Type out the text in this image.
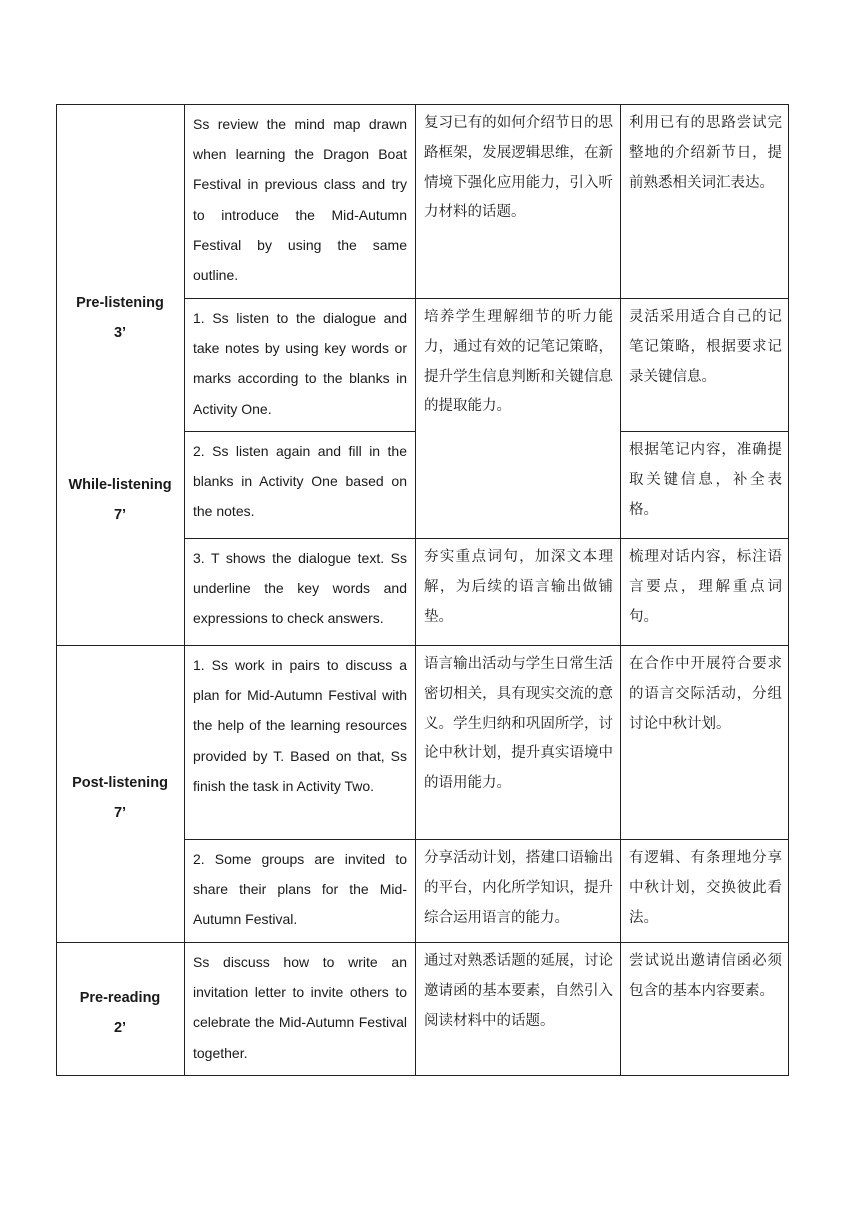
Pre-listening
3’
While-listening
7’
Post-listening
7’
Pre-reading
2’
Ss review the mind map drawn when learning the Dragon Boat Festival in previous class and try to introduce the Mid-Autumn Festival by using the same outline.
复习已有的如何介绍节日的思路框架，发展逻辑思维，在新情境下强化应用能力，引入听力材料的话题。
利用已有的思路尝试完整地的介绍新节日，提前熟悉相关词汇表达。
1. Ss listen to the dialogue and take notes by using key words or marks according to the blanks in Activity One.
培养学生理解细节的听力能力，通过有效的记笔记策略，提升学生信息判断和关键信息的提取能力。
灵活采用适合自己的记笔记策略，根据要求记录关键信息。
2. Ss listen again and fill in the blanks in Activity One based on the notes.
根据笔记内容，准确提取关键信息，补全表格。
3. T shows the dialogue text. Ss underline the key words and expressions to check answers.
夯实重点词句，加深文本理解，为后续的语言输出做铺垫。
梳理对话内容，标注语言要点，理解重点词句。
1. Ss work in pairs to discuss a plan for Mid-Autumn Festival with the help of the learning resources provided by T. Based on that, Ss finish the task in Activity Two.
语言输出活动与学生日常生活密切相关，具有现实交流的意义。学生归纳和巩固所学，讨论中秋计划，提升真实语境中的语用能力。
在合作中开展符合要求的语言交际活动，分组讨论中秋计划。
2. Some groups are invited to share their plans for the Mid-Autumn Festival.
分享活动计划，搭建口语输出的平台，内化所学知识，提升综合运用语言的能力。
有逻辑、有条理地分享中秋计划，交换彼此看法。
Ss discuss how to write an invitation letter to invite others to celebrate the Mid-Autumn Festival together.
通过对熟悉话题的延展，讨论邀请函的基本要素，自然引入阅读材料中的话题。
尝试说出邀请信函必须包含的基本内容要素。
